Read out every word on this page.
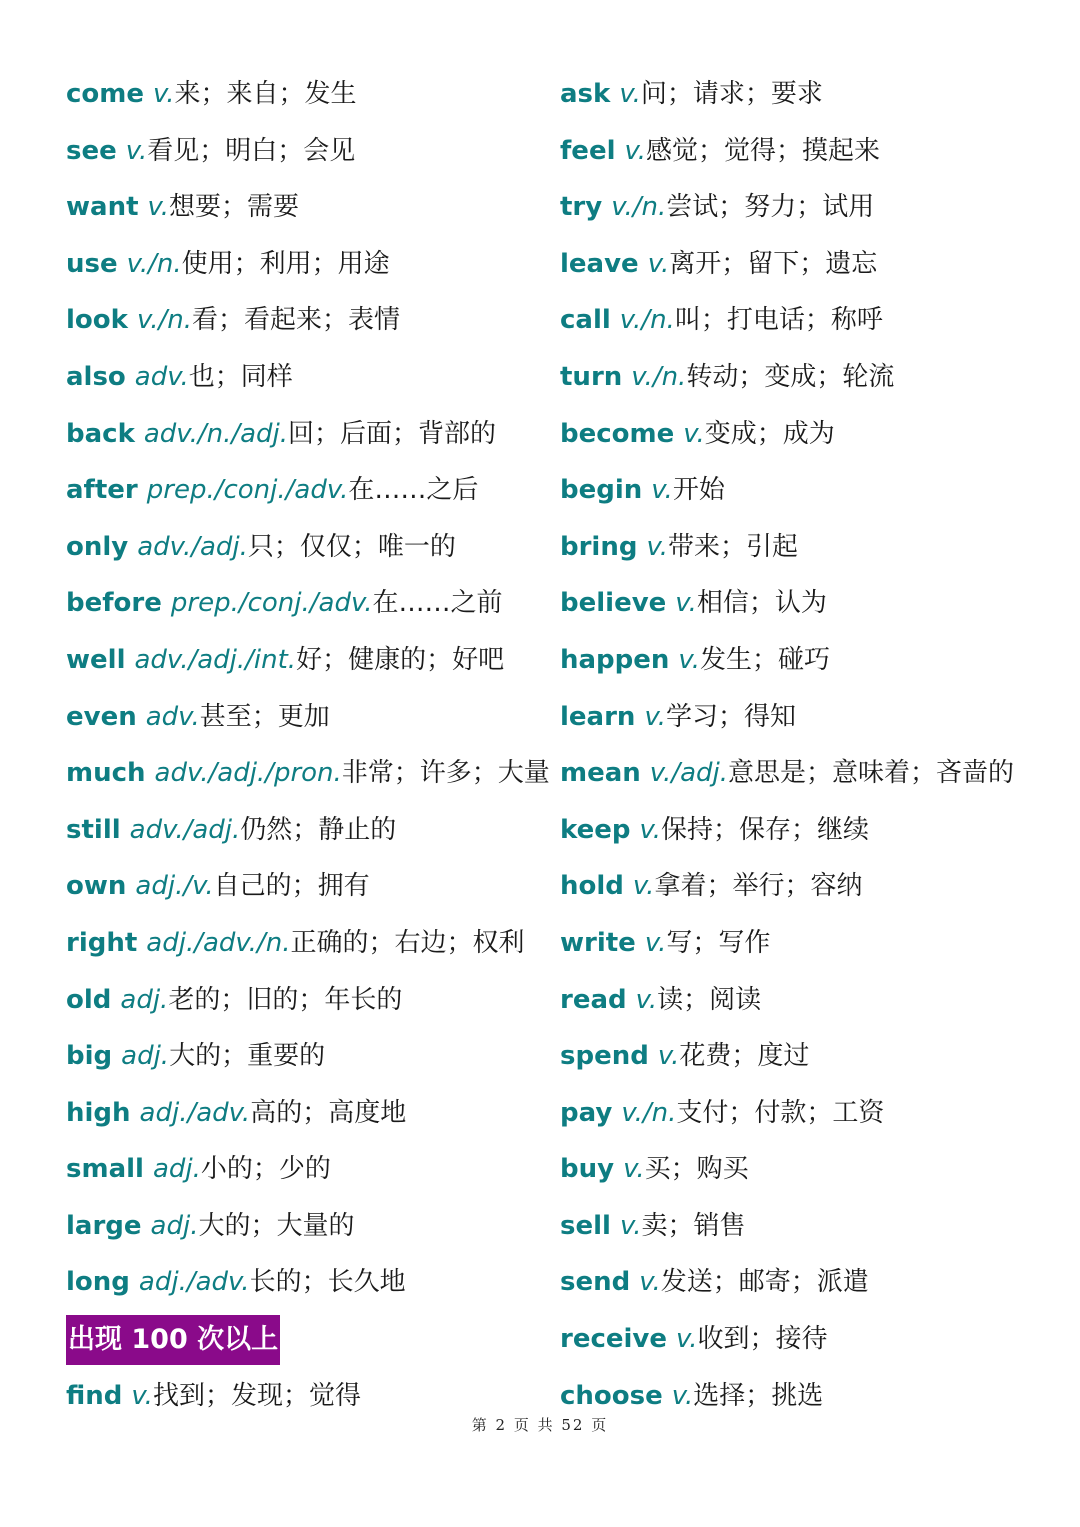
come v.来；来自；发生
see v.看见；明白；会见
want v.想要；需要
use v./n.使用；利用；用途
look v./n.看；看起来；表情
also adv.也；同样
back adv./n./adj.回；后面；背部的
after prep./conj./adv.在……之后
only adv./adj.只；仅仅；唯一的
before prep./conj./adv.在……之前
well adv./adj./int.好；健康的；好吧
even adv.甚至；更加
much adv./adj./pron.非常；许多；大量
still adv./adj.仍然；静止的
own adj./v.自己的；拥有
right adj./adv./n.正确的；右边；权利
old adj.老的；旧的；年长的
big adj.大的；重要的
high adj./adv.高的；高度地
small adj.小的；少的
large adj.大的；大量的
long adj./adv.长的；长久地
出现 100 次以上
find v.找到；发现；觉得
ask v.问；请求；要求
feel v.感觉；觉得；摸起来
try v./n.尝试；努力；试用
leave v.离开；留下；遗忘
call v./n.叫；打电话；称呼
turn v./n.转动；变成；轮流
become v.变成；成为
begin v.开始
bring v.带来；引起
believe v.相信；认为
happen v.发生；碰巧
learn v.学习；得知
mean v./adj.意思是；意味着；吝啬的
keep v.保持；保存；继续
hold v.拿着；举行；容纳
write v.写；写作
read v.读；阅读
spend v.花费；度过
pay v./n.支付；付款；工资
buy v.买；购买
sell v.卖；销售
send v.发送；邮寄；派遣
receive v.收到；接待
choose v.选择；挑选
第 2 页 共 52 页
